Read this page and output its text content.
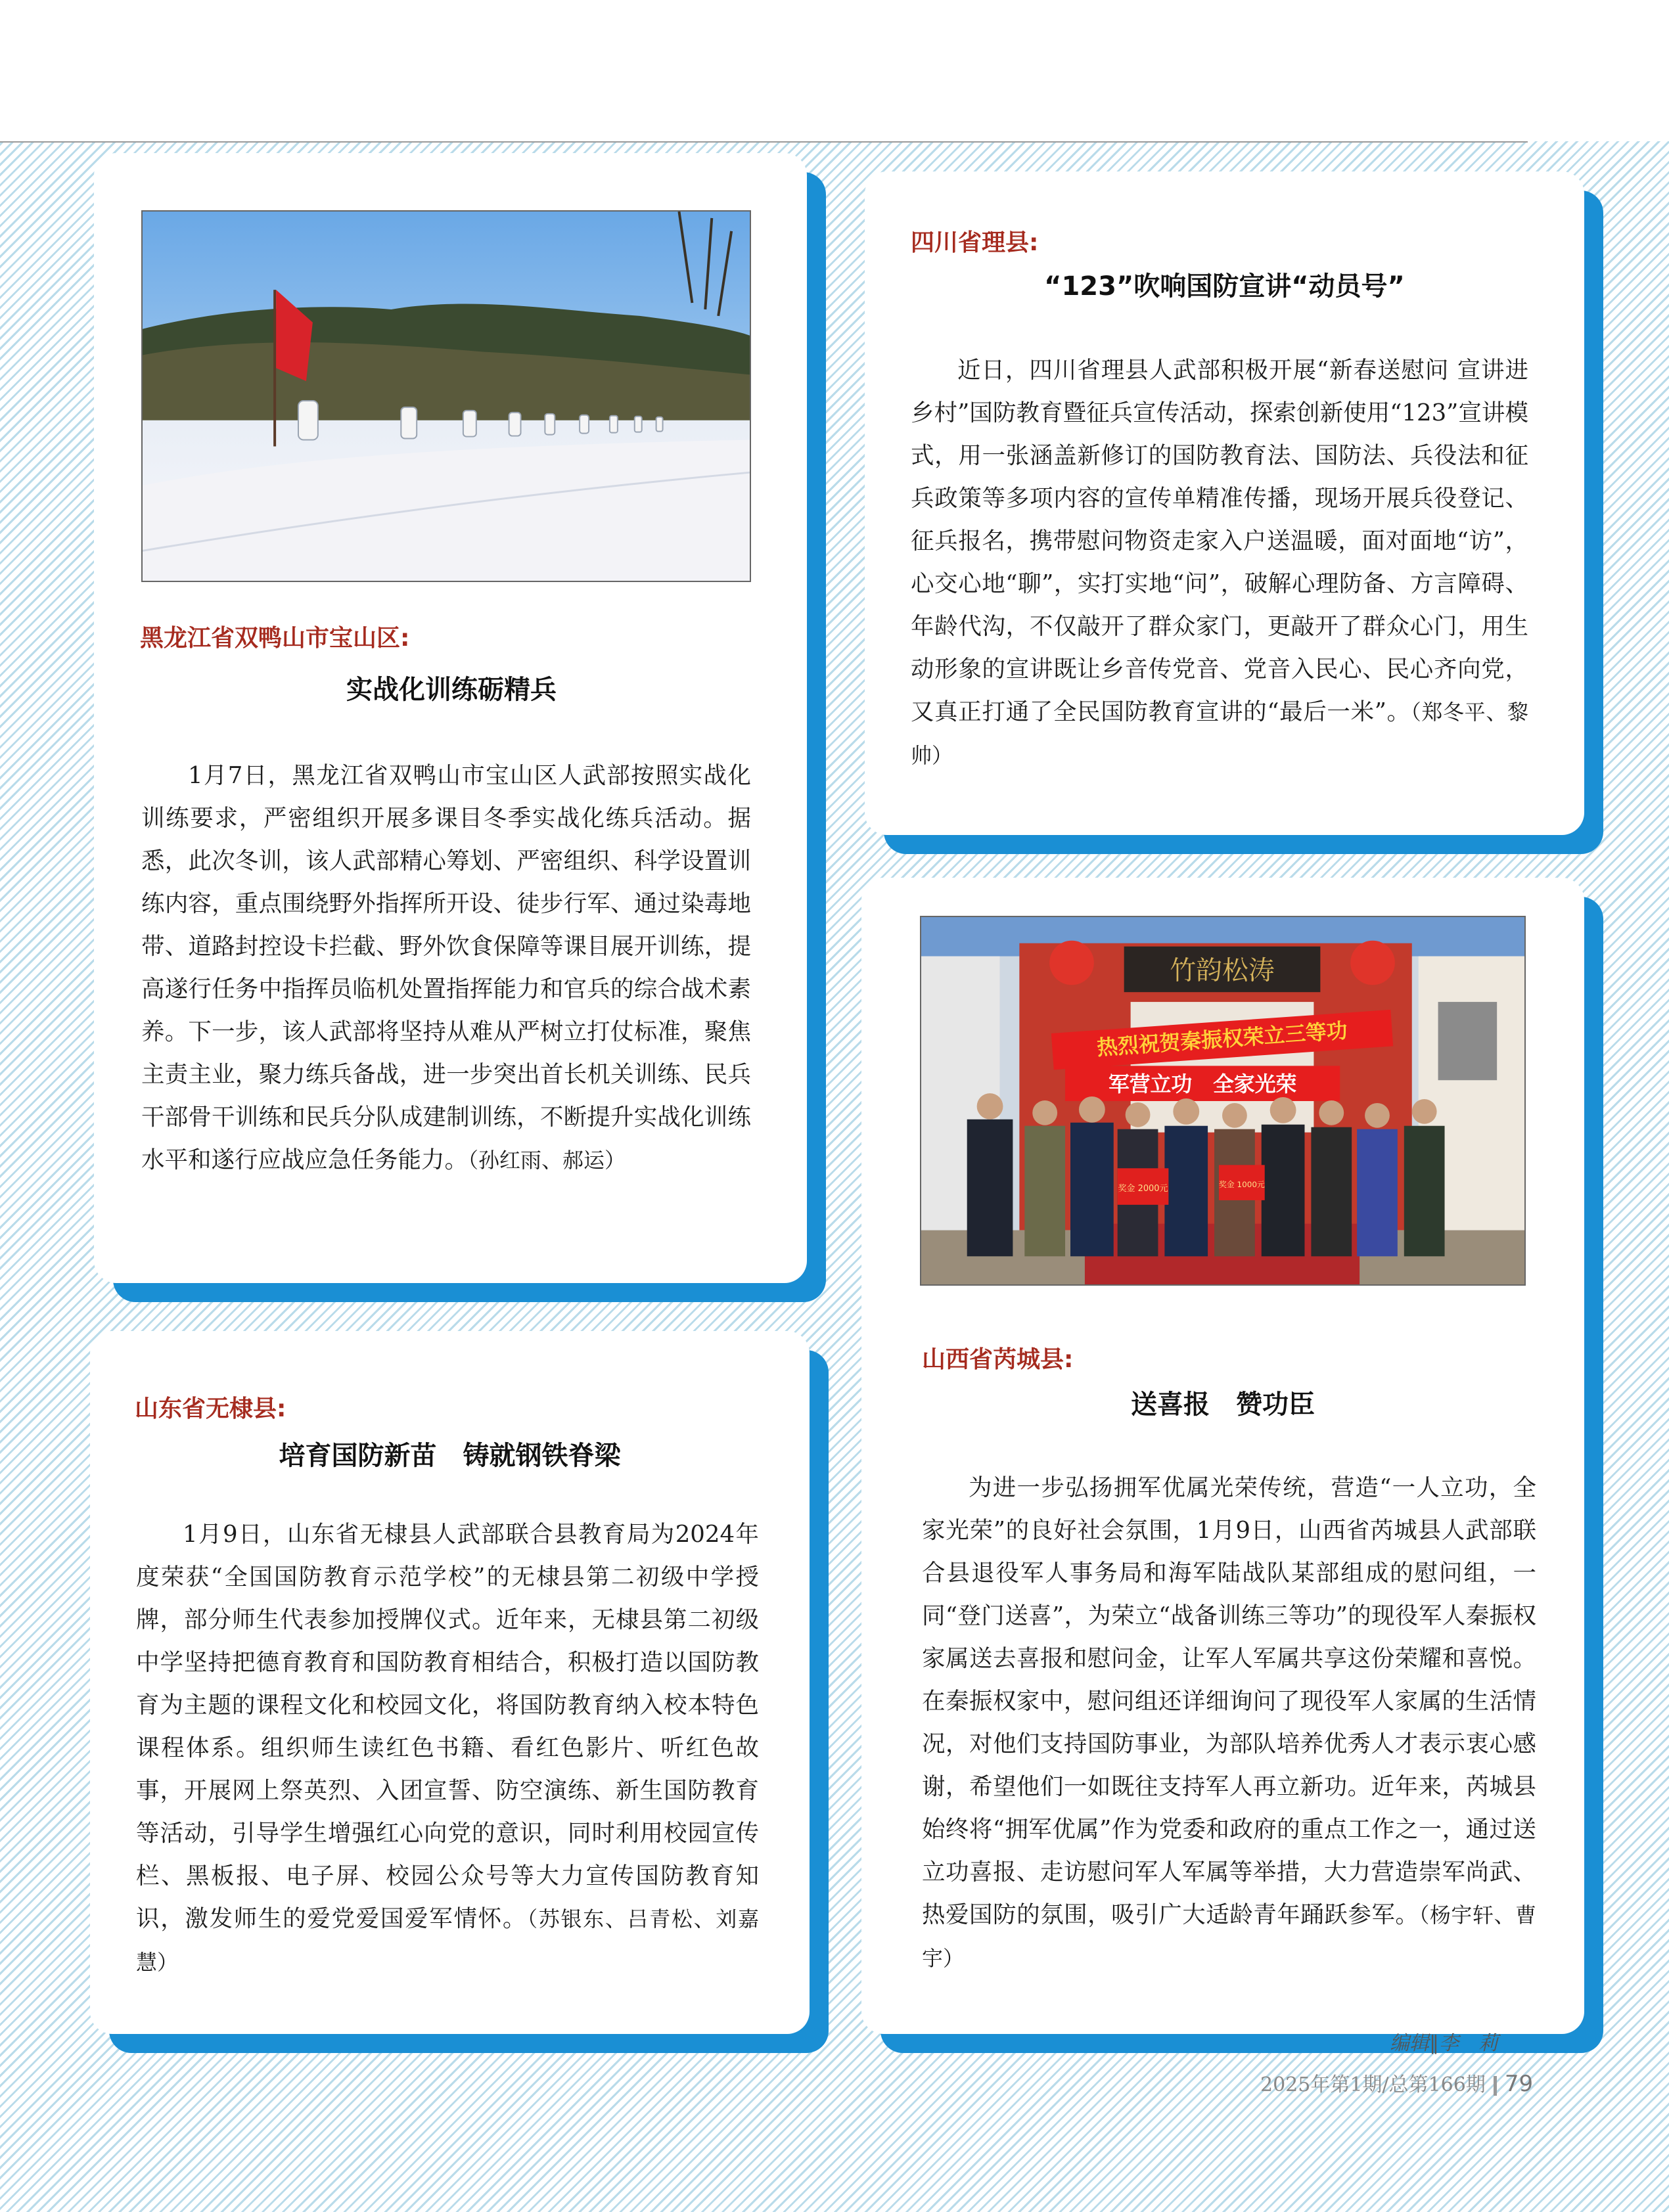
黑龙江省双鸭山市宝山区:
实战化训练砺精兵

1月7日，黑龙江省双鸭山市宝山区人武部按照实战化训练要求，严密组织开展多课目冬季实战化练兵活动。据悉，此次冬训，该人武部精心筹划、严密组织、科学设置训练内容，重点围绕野外指挥所开设、徒步行军、通过染毒地带、道路封控设卡拦截、野外饮食保障等课目展开训练，提高遂行任务中指挥员临机处置指挥能力和官兵的综合战术素养。下一步，该人武部将坚持从难从严树立打仗标准，聚焦主责主业，聚力练兵备战，进一步突出首长机关训练、民兵干部骨干训练和民兵分队成建制训练，不断提升实战化训练水平和遂行应战应急任务能力。（孙红雨、郝运）

四川省理县:
“123”吹响国防宣讲“动员号”

近日，四川省理县人武部积极开展“新春送慰问 宣讲进乡村”国防教育暨征兵宣传活动，探索创新使用“123”宣讲模式，用一张涵盖新修订的国防教育法、国防法、兵役法和征兵政策等多项内容的宣传单精准传播，现场开展兵役登记、征兵报名，携带慰问物资走家入户送温暖，面对面地“访”，心交心地“聊”，实打实地“问”，破解心理防备、方言障碍、年龄代沟，不仅敲开了群众家门，更敲开了群众心门，用生动形象的宣讲既让乡音传党音、党音入民心、民心齐向党，又真正打通了全民国防教育宣讲的“最后一米”。（郑冬平、黎帅）

山东省无棣县:
培育国防新苗　铸就钢铁脊梁

1月9日，山东省无棣县人武部联合县教育局为2024年度荣获“全国国防教育示范学校”的无棣县第二初级中学授牌，部分师生代表参加授牌仪式。近年来，无棣县第二初级中学坚持把德育教育和国防教育相结合，积极打造以国防教育为主题的课程文化和校园文化，将国防教育纳入校本特色课程体系。组织师生读红色书籍、看红色影片、听红色故事，开展网上祭英烈、入团宣誓、防空演练、新生国防教育等活动，引导学生增强红心向党的意识，同时利用校园宣传栏、黑板报、电子屏、校园公众号等大力宣传国防教育知识，激发师生的爱党爱国爱军情怀。（苏银东、吕青松、刘嘉慧）

竹韵松涛
热烈祝贺秦振权荣立三等功
军营立功　全家光荣
奖金 2000元	奖金 1000元
山西省芮城县:
送喜报　赞功臣

为进一步弘扬拥军优属光荣传统，营造“一人立功，全家光荣”的良好社会氛围，1月9日，山西省芮城县人武部联合县退役军人事务局和海军陆战队某部组成的慰问组，一同“登门送喜”，为荣立“战备训练三等功”的现役军人秦振权家属送去喜报和慰问金，让军人军属共享这份荣耀和喜悦。在秦振权家中，慰问组还详细询问了现役军人家属的生活情况，对他们支持国防事业，为部队培养优秀人才表示衷心感谢，希望他们一如既往支持军人再立新功。近年来，芮城县始终将“拥军优属”作为党委和政府的重点工作之一，通过送立功喜报、走访慰问军人军属等举措，大力营造崇军尚武、热爱国防的氛围，吸引广大适龄青年踊跃参军。（杨宇轩、曹宇）

编辑∥李　莉
2025年第1期/总第166期 79
